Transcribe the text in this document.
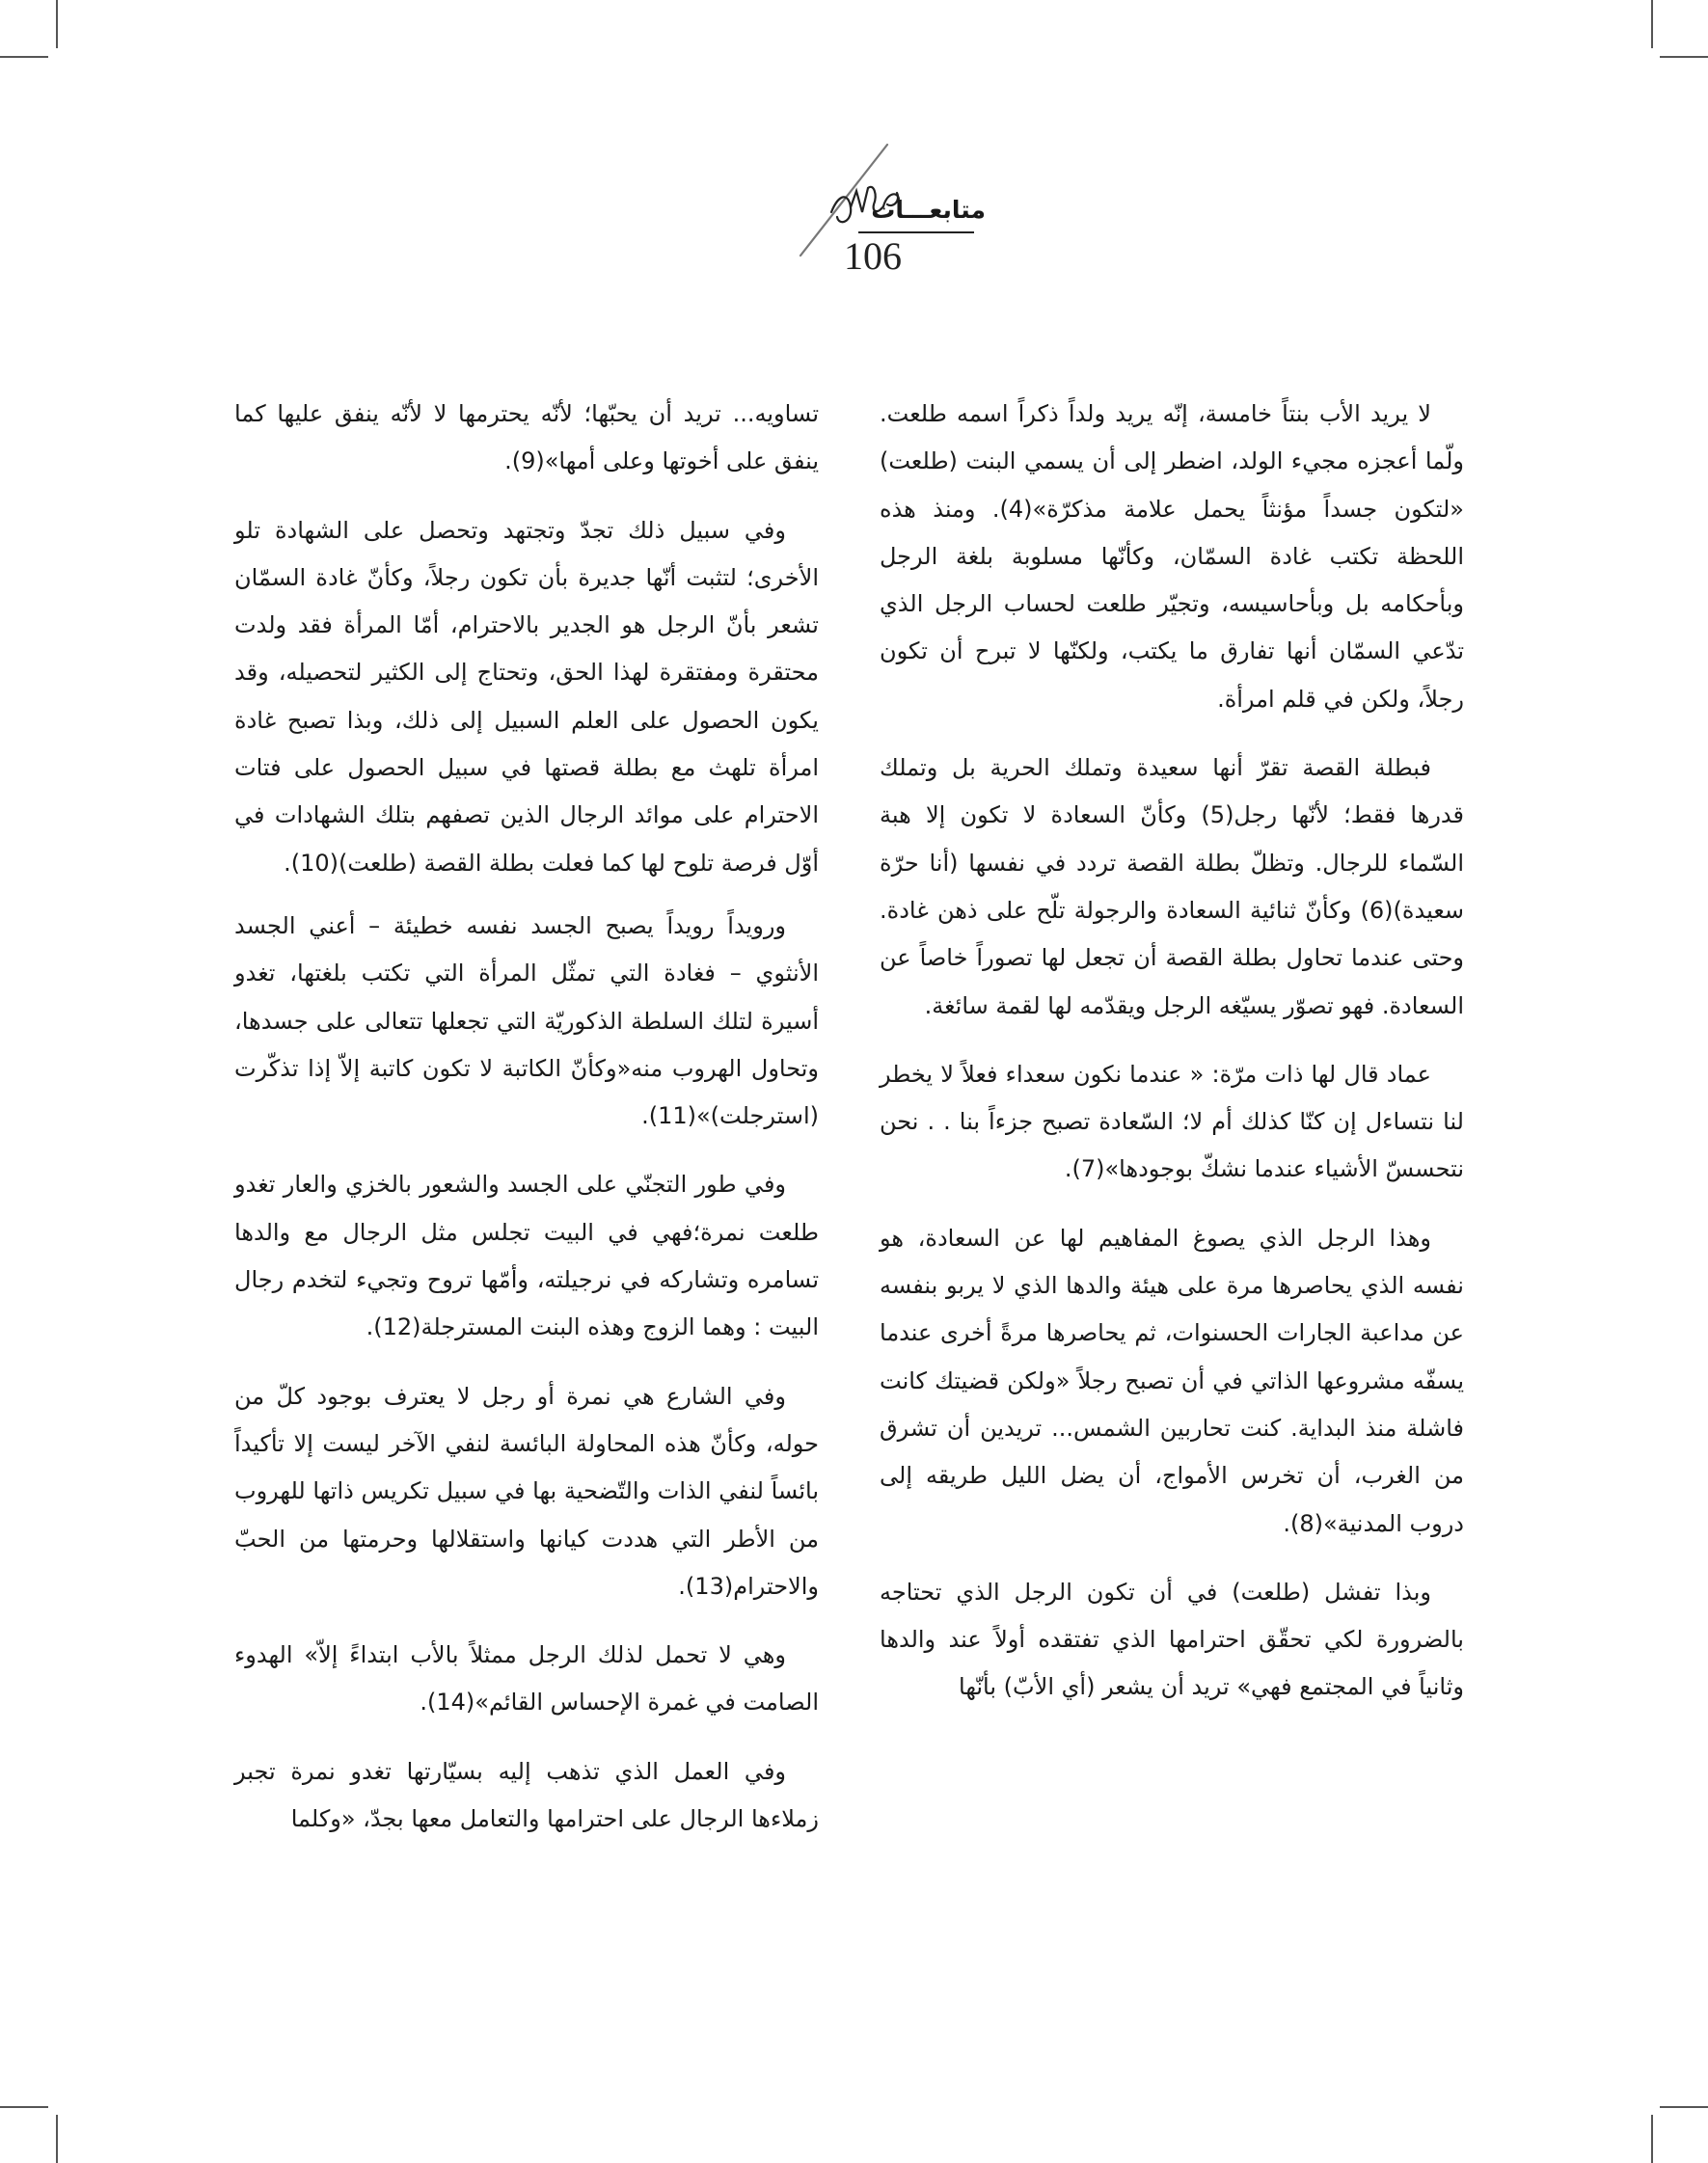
متابعـــات
106

لا يريد الأب بنتاً خامسة، إنّه يريد ولداً ذكراً اسمه طلعت. ولّما أعجزه مجيء الولد، اضطر إلى أن يسمي البنت (طلعت) «لتكون جسداً مؤنثاً يحمل علامة مذكرّة»(4). ومنذ هذه اللحظة تكتب غادة السمّان، وكأنّها مسلوبة بلغة الرجل وبأحكامه بل وبأحاسيسه، وتجيّر طلعت لحساب الرجل الذي تدّعي السمّان أنها تفارق ما يكتب، ولكنّها لا تبرح أن تكون رجلاً، ولكن في قلم امرأة.

فبطلة القصة تقرّ أنها سعيدة وتملك الحرية بل وتملك قدرها فقط؛ لأنّها رجل(5) وكأنّ السعادة لا تكون إلا هبة السّماء للرجال. وتظلّ بطلة القصة تردد في نفسها (أنا حرّة سعيدة)(6) وكأنّ ثنائية السعادة والرجولة تلّح على ذهن غادة. وحتى عندما تحاول بطلة القصة أن تجعل لها تصوراً خاصاً عن السعادة. فهو تصوّر يسيّغه الرجل ويقدّمه لها لقمة سائغة.

عماد قال لها ذات مرّة: « عندما نكون سعداء فعلاً لا يخطر لنا نتساءل إن كنّا كذلك أم لا؛ السّعادة تصبح جزءاً بنا . . نحن نتحسسّ الأشياء عندما نشكّ بوجودها»(7).

وهذا الرجل الذي يصوغ المفاهيم لها عن السعادة، هو نفسه الذي يحاصرها مرة على هيئة والدها الذي لا يربو بنفسه عن مداعبة الجارات الحسنوات، ثم يحاصرها مرةً أخرى عندما يسفّه مشروعها الذاتي في أن تصبح رجلاً «ولكن قضيتك كانت فاشلة منذ البداية. كنت تحاربين الشمس... تريدين أن تشرق من الغرب، أن تخرس الأمواج، أن يضل الليل طريقه إلى دروب المدنية»(8).

وبذا تفشل (طلعت) في أن تكون الرجل الذي تحتاجه بالضرورة لكي تحقّق احترامها الذي تفتقده أولاً عند والدها وثانياً في المجتمع فهي» تريد أن يشعر (أي الأبّ) بأنّها

تساويه... تريد أن يحبّها؛ لأنّه يحترمها لا لأنّه ينفق عليها كما ينفق على أخوتها وعلى أمها»(9).

وفي سبيل ذلك تجدّ وتجتهد وتحصل على الشهادة تلو الأخرى؛ لتثبت أنّها جديرة بأن تكون رجلاً، وكأنّ غادة السمّان تشعر بأنّ الرجل هو الجدير بالاحترام، أمّا المرأة فقد ولدت محتقرة ومفتقرة لهذا الحق، وتحتاج إلى الكثير لتحصيله، وقد يكون الحصول على العلم السبيل إلى ذلك، وبذا تصبح غادة امرأة تلهث مع بطلة قصتها في سبيل الحصول على فتات الاحترام على موائد الرجال الذين تصفهم بتلك الشهادات في أوّل فرصة تلوح لها كما فعلت بطلة القصة (طلعت)(10).

ورويداً رويداً يصبح الجسد نفسه خطيئة – أعني الجسد الأنثوي – فغادة التي تمثّل المرأة التي تكتب بلغتها، تغدو أسيرة لتلك السلطة الذكوريّة التي تجعلها تتعالى على جسدها، وتحاول الهروب منه«وكأنّ الكاتبة لا تكون كاتبة إلاّ إذا تذكّرت (استرجلت)»(11).

وفي طور التجنّي على الجسد والشعور بالخزي والعار تغدو طلعت نمرة؛فهي في البيت تجلس مثل الرجال مع والدها تسامره وتشاركه في نرجيلته، وأمّها تروح وتجيء لتخدم رجال البيت : وهما الزوج وهذه البنت المسترجلة(12).

وفي الشارع هي نمرة أو رجل لا يعترف بوجود كلّ من حوله، وكأنّ هذه المحاولة البائسة لنفي الآخر ليست إلا تأكيداً بائساً لنفي الذات والتّضحية بها في سبيل تكريس ذاتها للهروب من الأطر التي هددت كيانها واستقلالها وحرمتها من الحبّ والاحترام(13).

وهي لا تحمل لذلك الرجل ممثلاً بالأب ابتداءً إلاّ» الهدوء الصامت في غمرة الإحساس القائم»(14).

وفي العمل الذي تذهب إليه بسيّارتها تغدو نمرة تجبر زملاءها الرجال على احترامها والتعامل معها بجدّ، «وكلما
